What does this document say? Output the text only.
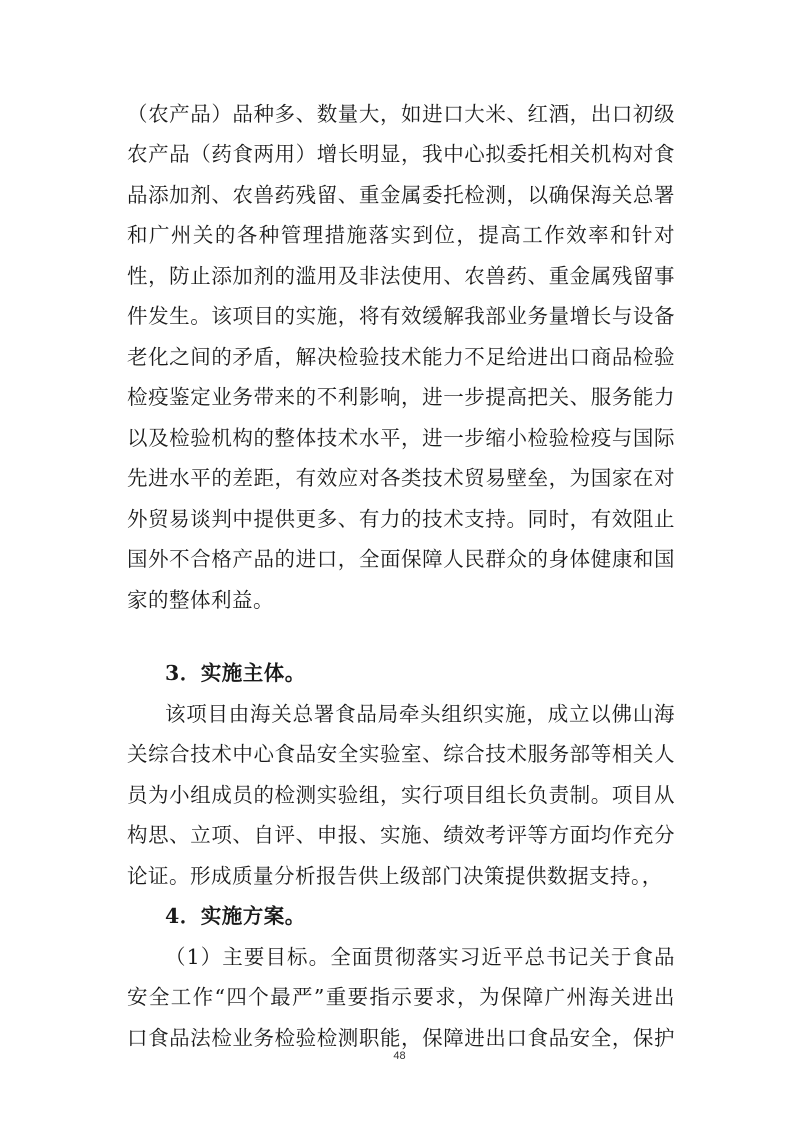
（农产品）品种多、数量大，如进口大米、红酒，出口初级
农产品（药食两用）增长明显，我中心拟委托相关机构对食
品添加剂、农兽药残留、重金属委托检测，以确保海关总署
和广州关的各种管理措施落实到位，提高工作效率和针对
性，防止添加剂的滥用及非法使用、农兽药、重金属残留事
件发生。该项目的实施，将有效缓解我部业务量增长与设备
老化之间的矛盾，解决检验技术能力不足给进出口商品检验
检疫鉴定业务带来的不利影响，进一步提高把关、服务能力
以及检验机构的整体技术水平，进一步缩小检验检疫与国际
先进水平的差距，有效应对各类技术贸易壁垒，为国家在对
外贸易谈判中提供更多、有力的技术支持。同时，有效阻止
国外不合格产品的进口，全面保障人民群众的身体健康和国
家的整体利益。
3．实施主体。
该项目由海关总署食品局牵头组织实施，成立以佛山海
关综合技术中心食品安全实验室、综合技术服务部等相关人
员为小组成员的检测实验组，实行项目组长负责制。项目从
构思、立项、自评、申报、实施、绩效考评等方面均作充分
论证。形成质量分析报告供上级部门决策提供数据支持。，
4．实施方案。
（1）主要目标。全面贯彻落实习近平总书记关于食品
安全工作“四个最严”重要指示要求，为保障广州海关进出
口食品法检业务检验检测职能，保障进出口食品安全，保护
48
